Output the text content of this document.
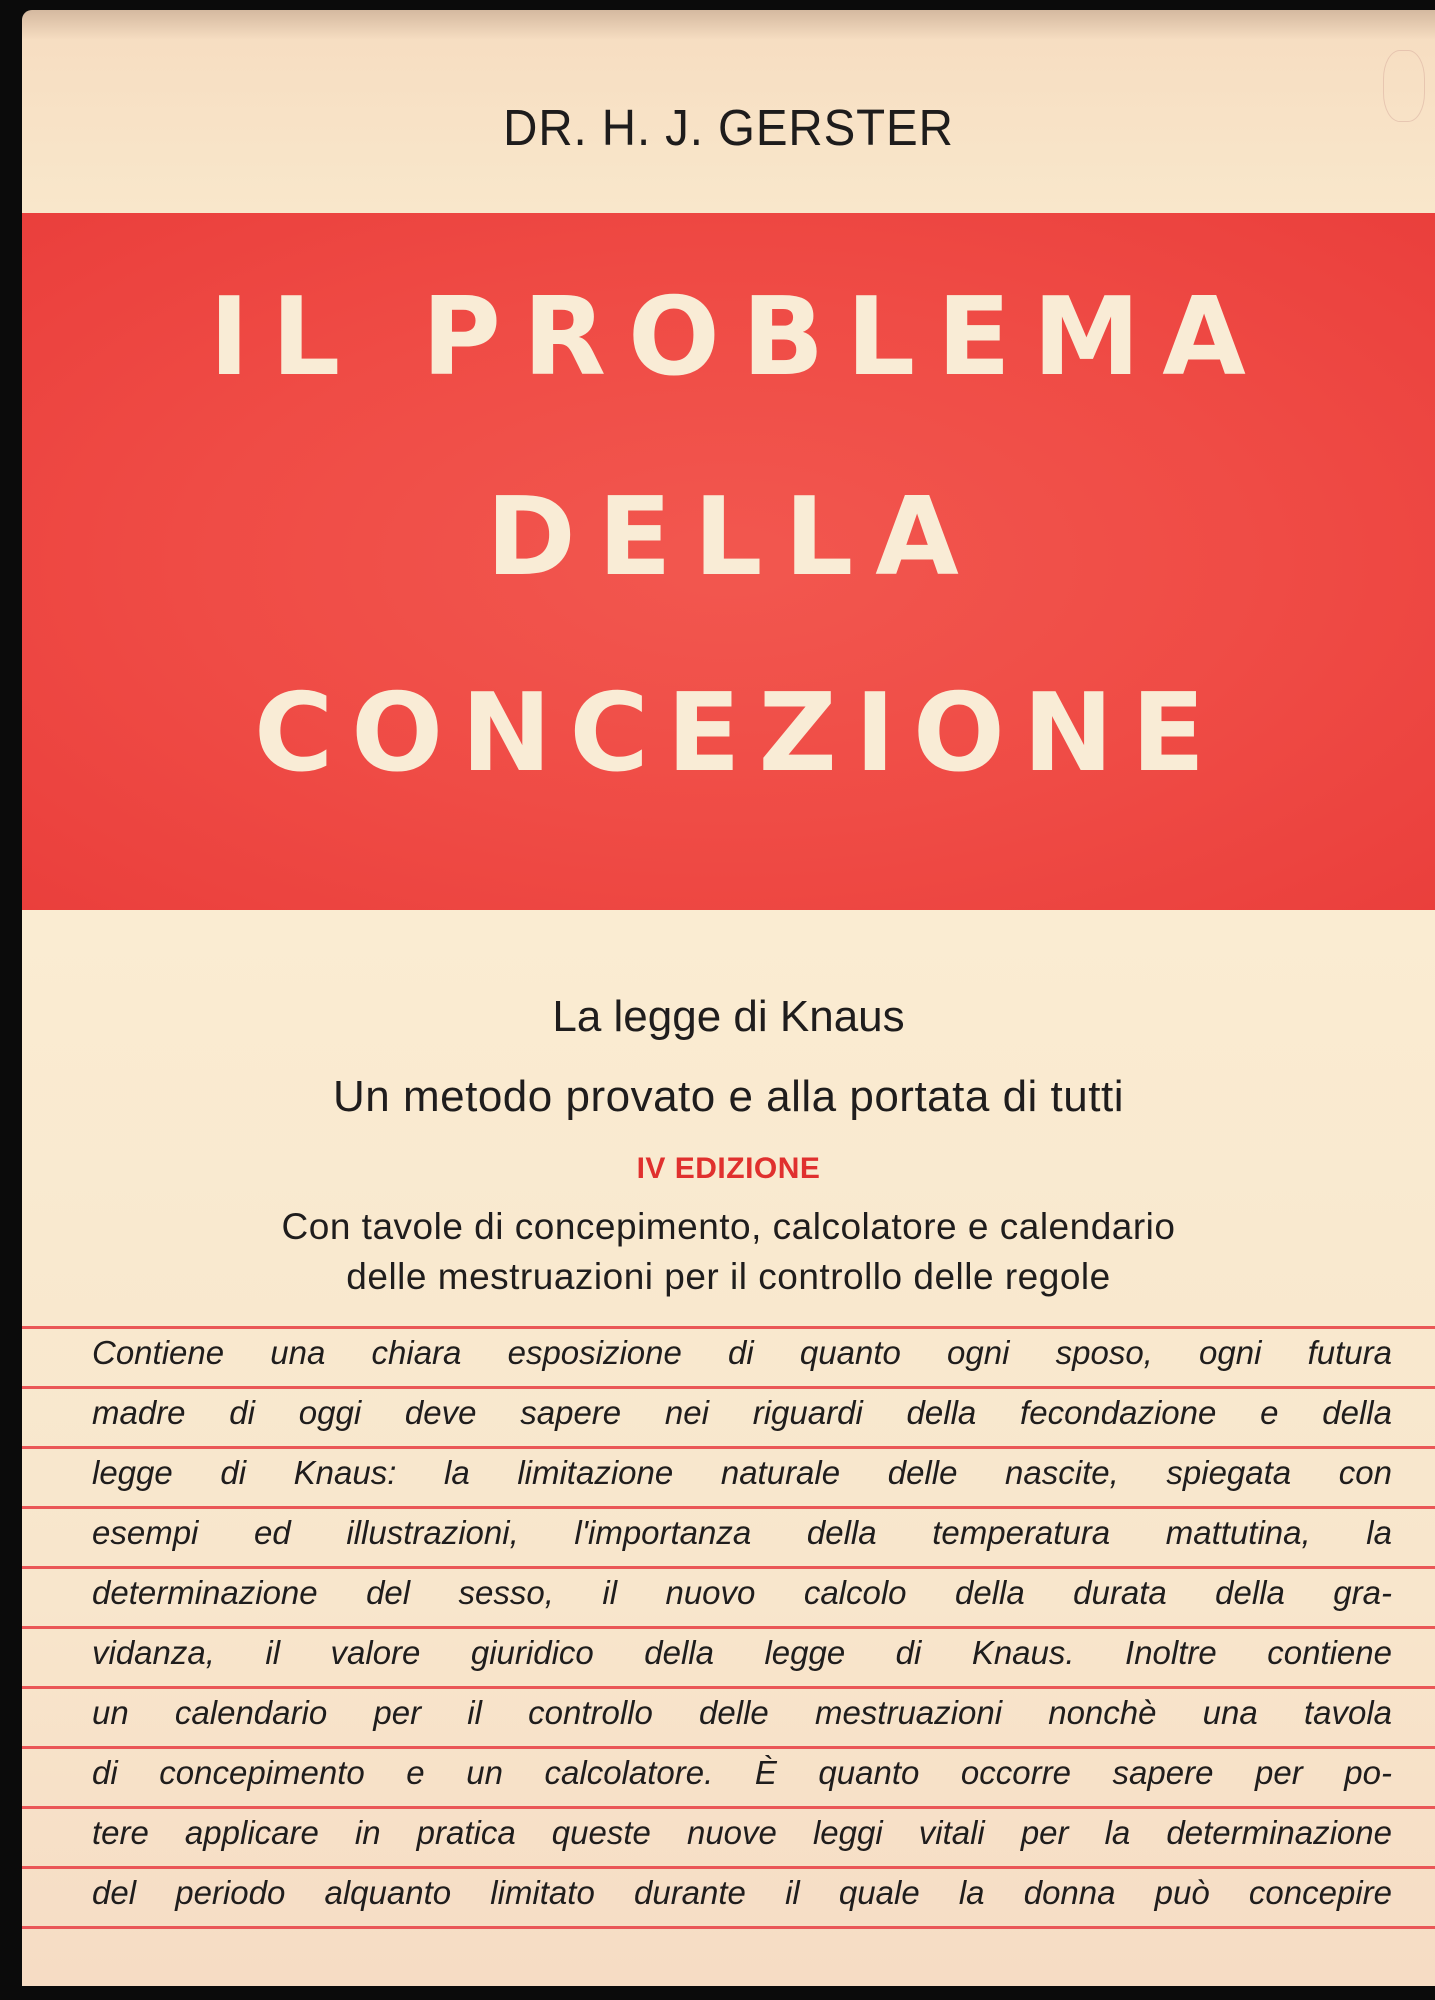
DR. H. J. GERSTER
IL PROBLEMA
DELLA
CONCEZIONE
La legge di Knaus
Un metodo provato e alla portata di tutti
IV EDIZIONE
Con tavole di concepimento, calcolatore e calendario
delle mestruazioni per il controllo delle regole
Contiene una chiara esposizione di quanto ogni sposo, ogni futura
madre di oggi deve sapere nei riguardi della fecondazione e della
legge di Knaus: la limitazione naturale delle nascite, spiegata con
esempi ed illustrazioni, l'importanza della temperatura mattutina, la
determinazione del sesso, il nuovo calcolo della durata della gra-
vidanza, il valore giuridico della legge di Knaus. Inoltre contiene
un calendario per il controllo delle mestruazioni nonchè una tavola
di concepimento e un calcolatore. È quanto occorre sapere per po-
tere applicare in pratica queste nuove leggi vitali per la determinazione
del periodo alquanto limitato durante il quale la donna può concepire
